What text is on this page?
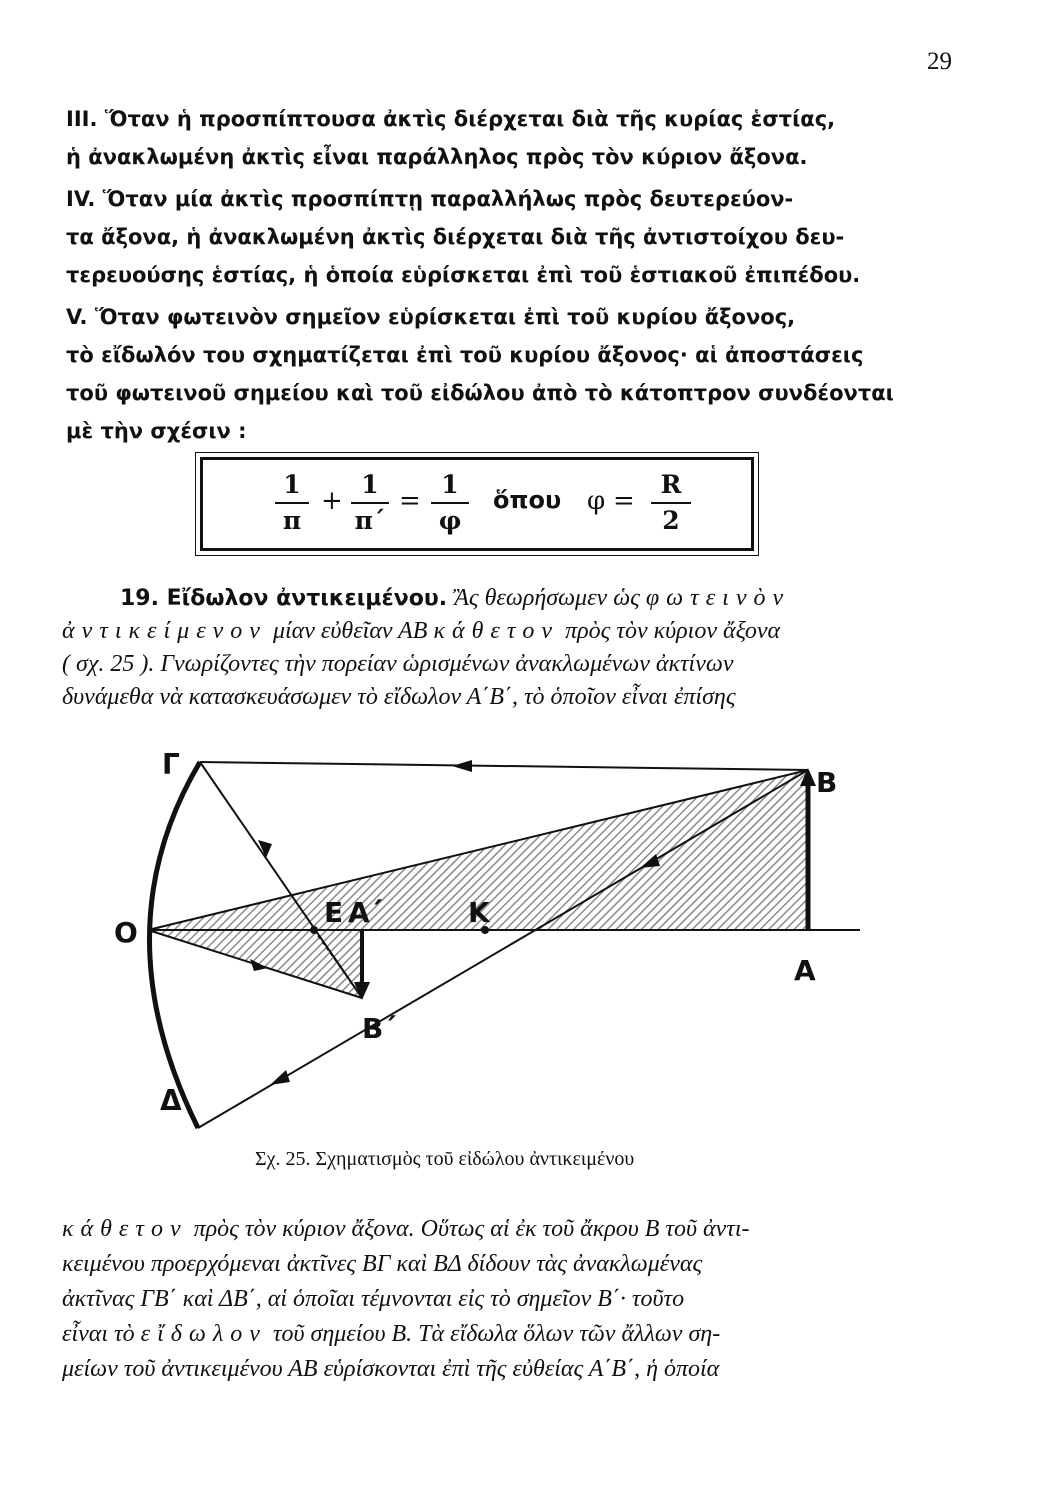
29

III. Ὅταν ἡ προσπίπτουσα ἀκτὶς διέρχεται διὰ τῆς κυρίας ἑστίας,
ἡ ἀνακλωμένη ἀκτὶς εἶναι παράλληλος πρὸς τὸν κύριον ἄξονα.

IV. Ὅταν μία ἀκτὶς προσπίπτῃ παραλλήλως πρὸς δευτερεύον-
τα ἄξονα, ἡ ἀνακλωμένη ἀκτὶς διέρχεται διὰ τῆς ἀντιστοίχου δευ-
τερευούσης ἑστίας, ἡ ὁποία εὑρίσκεται ἐπὶ τοῦ ἑστιακοῦ ἐπιπέδου.

V. Ὅταν φωτεινὸν σημεῖον εὑρίσκεται ἐπὶ τοῦ κυρίου ἄξονος,
τὸ εἴδωλόν του σχηματίζεται ἐπὶ τοῦ κυρίου ἄξονος· αἱ ἀποστάσεις
τοῦ φωτεινοῦ σημείου καὶ τοῦ εἰδώλου ἀπὸ τὸ κάτοπτρον συνδέονται
μὲ τὴν σχέσιν :

1
π
+
1
π΄
=
1
φ
ὅπου φ =
R
2

19. Εἴδωλον ἀντικειμένου. Ἂς θεωρήσωμεν ὡς φωτεινὸν

ἀντικείμενον μίαν εὐθεῖαν ΑΒ κάθετον πρὸς τὸν κύριον ἄξονα
( σχ. 25 ). Γνωρίζοντες τὴν πορείαν ὡρισμένων ἀνακλωμένων ἀκτίνων
δυνάμεθα νὰ κατασκευάσωμεν τὸ εἴδωλον Α΄Β΄, τὸ ὁποῖον εἶναι ἐπίσης

Γ
B
O
E A΄	K
A
B΄
Δ
Σχ. 25. Σχηματισμὸς τοῦ εἰδώλου ἀντικειμένου

κάθετον πρὸς τὸν κύριον ἄξονα. Οὕτως αἱ ἐκ τοῦ ἄκρου Β τοῦ ἀντι-
κειμένου προερχόμεναι ἀκτῖνες ΒΓ καὶ ΒΔ δίδουν τὰς ἀνακλωμένας
ἀκτῖνας ΓΒ΄ καὶ ΔΒ΄, αἱ ὁποῖαι τέμνονται εἰς τὸ σημεῖον Β΄· τοῦτο
εἶναι τὸ εἴδωλον τοῦ σημείου Β. Τὰ εἴδωλα ὅλων τῶν ἄλλων ση-
μείων τοῦ ἀντικειμένου ΑΒ εὑρίσκονται ἐπὶ τῆς εὐθείας Α΄Β΄, ἡ ὁποία
